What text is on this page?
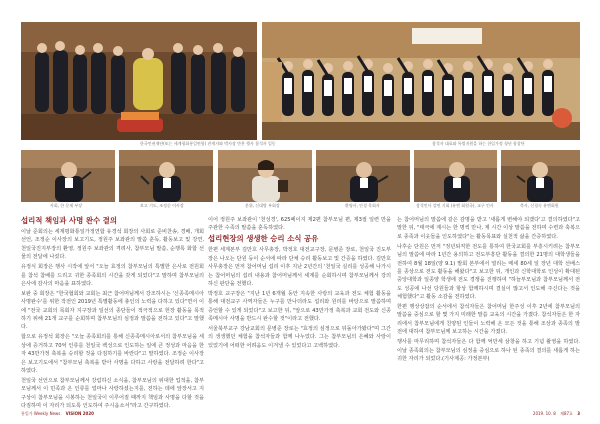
한국인권재단(또는 세계평화통일연합) 관계자와 박사장 만찬 행사 참석자 일동	참석자 대표와 특별지원을 하는 한일가정 청년 합창단
사회, 한 문제 부장	보고 기도, 조정순 이사장	분위, 신대방 부회장	환영사, 안경 목회자	참석인사 강연 기회 (유엔 회원국), 교구 인사	축사, 신경숙 유엔회원
섭리적 책임과 사명 완수 결의

이날 준회의는 세계평화통일가정연합 유경석 회장의 사회로 준비찬송, 경배, 개회선언, 조정순 이사장의 보고기도, 정원주 보좌관의 말씀 훈독, 활동보고 및 강연, 천일국진지부장의 환영, 정원주 보좌관의 격려사, 참부모님 말씀, 순행록 화합 선물의 전달에 나섰다.

유정식 회장은 행사 시작에 앞서 "오늘 효정의 참부모님의 특별한 은사로 전원회를 참석 참배를 드리고 귀한 종족회의 시간을 갖게 되었다"고 말하며 참부모님의 은사에 감사의 마음을 표하였다.

보완 중 회장은 "한국협회와 교회는 최근 참어머님께서 강조하시는 '신종족메시아 사명완수'를 위한 작전인 2019년 특별활동에 총인의 노력을 다하고 있다"면서 이에 "전국 교회의 목회자 지구장과 일선의 종단들이 적극적으로 헌장 활동을 목적하기 위해 21개 교구를 순회하며 참부모님의 심정과 말씀을 전하고 있다"고 말했다.

합으로 유정석 회장은 "오늘 종족회의를 통해 신종족메시아로서의 참부모님을 세상에 증거하고 70억 인류를 천일국 백성으로 인도하는 일에 큰 정성과 마음을 한자 43만가정 축복을 승리할 것을 다짐하기를 바란다"고 말하였다. 조정순 이사장은 보고기도에서 "참부모님 축복을 받아 사명을 다하고 사랑을 전달하려 한다"고 하였다.

천일국 선언으로 참부모님께서 강림하신 소식을, 참부모님의 위대한 업적을, 참부모님께서 이 민족과 온 인류를 얼마나 사랑하셨는지를, 전하는 데에 앞장서고 지구상이 참부모님을 시봉하는 천일국이 이루어질 때까지 책임과 사명을 다할 것을 다짐하며 이 자리가 되도록 인도하여 주시옵소서"라고 간구하였다.

이어 정원주 보좌관이 '천성경', 625페이지 제2편 참부모님 편, 제3절 일련 만을 주관한 수족의 말씀을 훈독하였다.

섭리현장의 생생한 승리 소식 공유

한편 세계본부 김만호 사무총장, 박정호 대전교구장, 문병준 장로, 천일국 진도부장은 나오는 단원 등이 순서에 따라 단체 승리 활동보고 및 간증을 하였다. 김만호 사무총장은 먼저 참어머님 섭리 이후 지난 2년간의 '천일국 실리를 성공해 나가시는 참어머님의 섭리 내용과 참어머님께서 세계를 순회하시며 참부모님께서 강의하신 판단을 전했다.

박정호 교구장은 "지난 1년 6개월 동안 지속한 사랑의 교육과 전도 체험 활동을 통해 대전교구 사역자들은 누구를 만나더라도 섭리와 원리를 바탕으로 말씀하며 증언할 수 있게 되었다"고 보고한 뒤, "앞으로 43만가정 축복과 교회 전도와 신종족메시아 사명을 반드시 완수할 것"이라고 전했다.

서울북부교구 강남교회의 문병준 장로는 "효정의 심정으로 뒤돌아가봤다"며 그간의 생생했던 체험을 참석자들과 함께 나누었다. 그는 참부모님의 은혜와 사랑이 있었기에 어떠한 어려움도 이겨낼 수 있었다고 고백하였다.

는 참어머님의 말씀에 같은 감명을 받고 '새롭게 변해야 되겠다'고 결의하였다"고 말한 뒤, "태극에 계시는 한 명씩 만나, 제 시간 이상 말씀을 전하며 수련과 축복으로 종족과 이웃들을 인도하였다"는 활동목표와 실천적 삶을 간증하였다.

나후순 단원은 먼저 "정년퇴직한 전도를 통하여 한국교회를 부흥시키려는 참부모님의 말씀에 따라 1년간 용의하고 전도부흥단 활동을 결의한 21명의 대학생들을 전하여 8월 18일(양 9.1) 발회 본부에서 열리는 메세 80세 일 장년 대학 선배스를 종상으로 전도 활동을 해왔다"고 보고한 뒤, 개인과 신학대학로 인성이 확대된 중앙대학과 일종양 학생에 전도 경쟁을 진행하여 "하늘부모님과 참부모님께서 전도 성공에 나선 당원들과 항상 함께하시며 결실이 많고서 인도해 주신다는 것을 체험했다"고 활동 소감을 전하였다.

한편 행상상잡의 순서에서 참석자들은 참어머님 한주성 이후 2년에 참부모님의 말씀을 중심으로 할 몇 가지 미래한 말씀 교육의 시간을 가졌다. 참석자들은 한 자리에서 참부모님에게 친양된 인들이 노력해 온 모든 것을 통해 조상과 종족의 발전에 대하여 참부모님께 보고하는 시간을 가졌다.

행사를 마무리하며 참석자들은 다 함께 억만세 삼창을 하고 기념 촬영을 하였다. 이날 종족회의는 참부모님의 심정을 중심으로 하나 된 종족의 결의를 새롭게 하는 귀한 자리가 되었다.(기사제공: 가정본부)

통일가 Weekly News VISION 2020	2019. 10. 8 제87호 3
